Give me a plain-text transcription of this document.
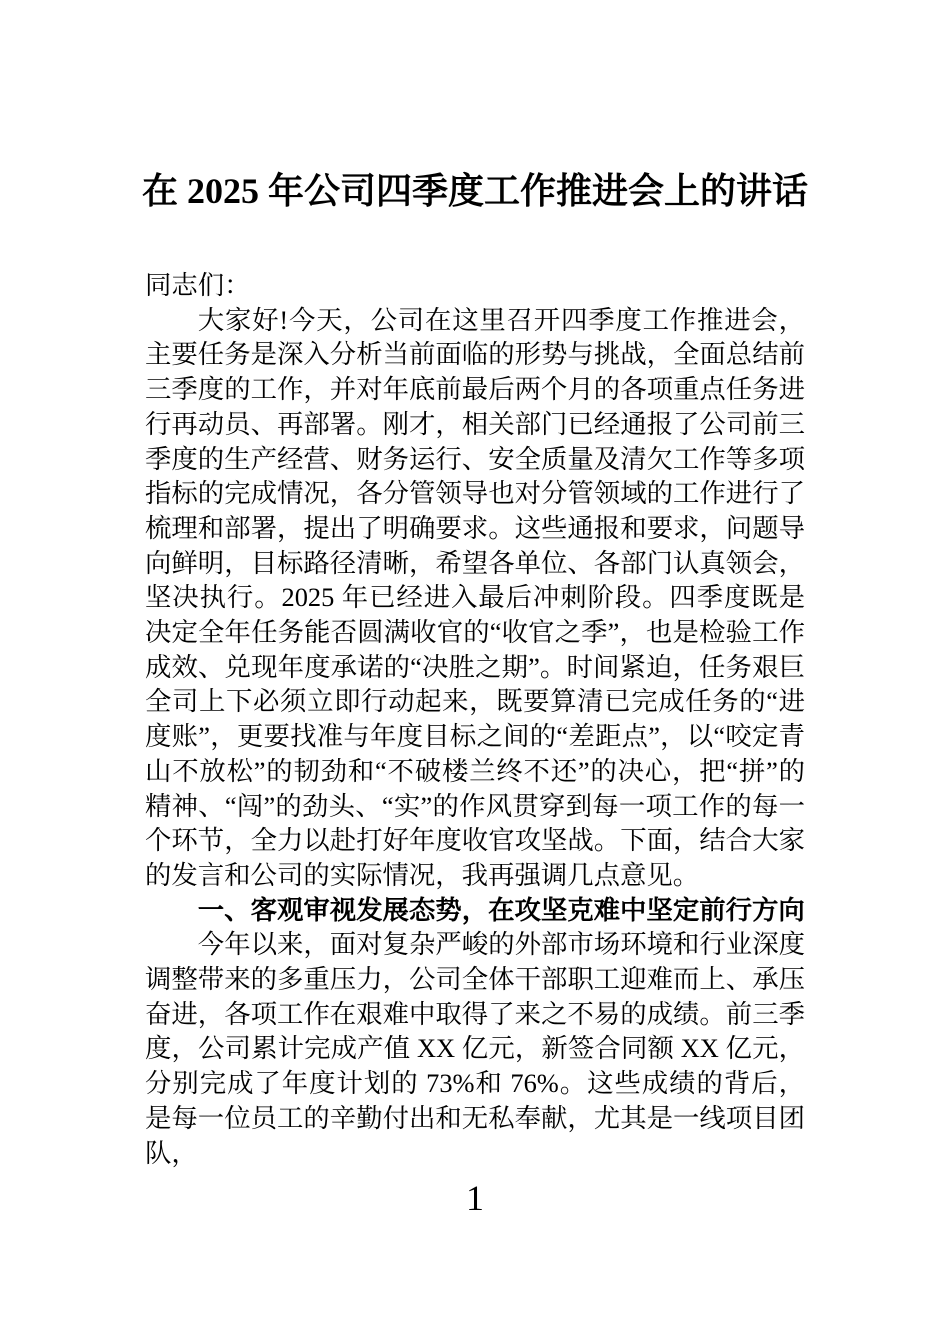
在 2025 年公司四季度工作推进会上的讲话

同志们：

大家好!今天，公司在这里召开四季度工作推进会，主要任务是深入分析当前面临的形势与挑战，全面总结前三季度的工作，并对年底前最后两个月的各项重点任务进行再动员、再部署。刚才，相关部门已经通报了公司前三季度的生产经营、财务运行、安全质量及清欠工作等多项指标的完成情况，各分管领导也对分管领域的工作进行了梳理和部署，提出了明确要求。这些通报和要求，问题导向鲜明，目标路径清晰，希望各单位、各部门认真领会，坚决执行。2025 年已经进入最后冲刺阶段。四季度既是决定全年任务能否圆满收官的“收官之季”，也是检验工作成效、兑现年度承诺的“决胜之期”。时间紧迫，任务艰巨全司上下必须立即行动起来，既要算清已完成任务的“进度账”，更要找准与年度目标之间的“差距点”，以“咬定青山不放松”的韧劲和“不破楼兰终不还”的决心，把“拼”的精神、“闯”的劲头、“实”的作风贯穿到每一项工作的每一个环节，全力以赴打好年度收官攻坚战。下面，结合大家的发言和公司的实际情况，我再强调几点意见。

一、客观审视发展态势，在攻坚克难中坚定前行方向

今年以来，面对复杂严峻的外部市场环境和行业深度调整带来的多重压力，公司全体干部职工迎难而上、承压奋进，各项工作在艰难中取得了来之不易的成绩。前三季度，公司累计完成产值 XX 亿元，新签合同额 XX 亿元，分别完成了年度计划的 73%和 76%。这些成绩的背后，是每一位员工的辛勤付出和无私奉献，尤其是一线项目团队，

1
